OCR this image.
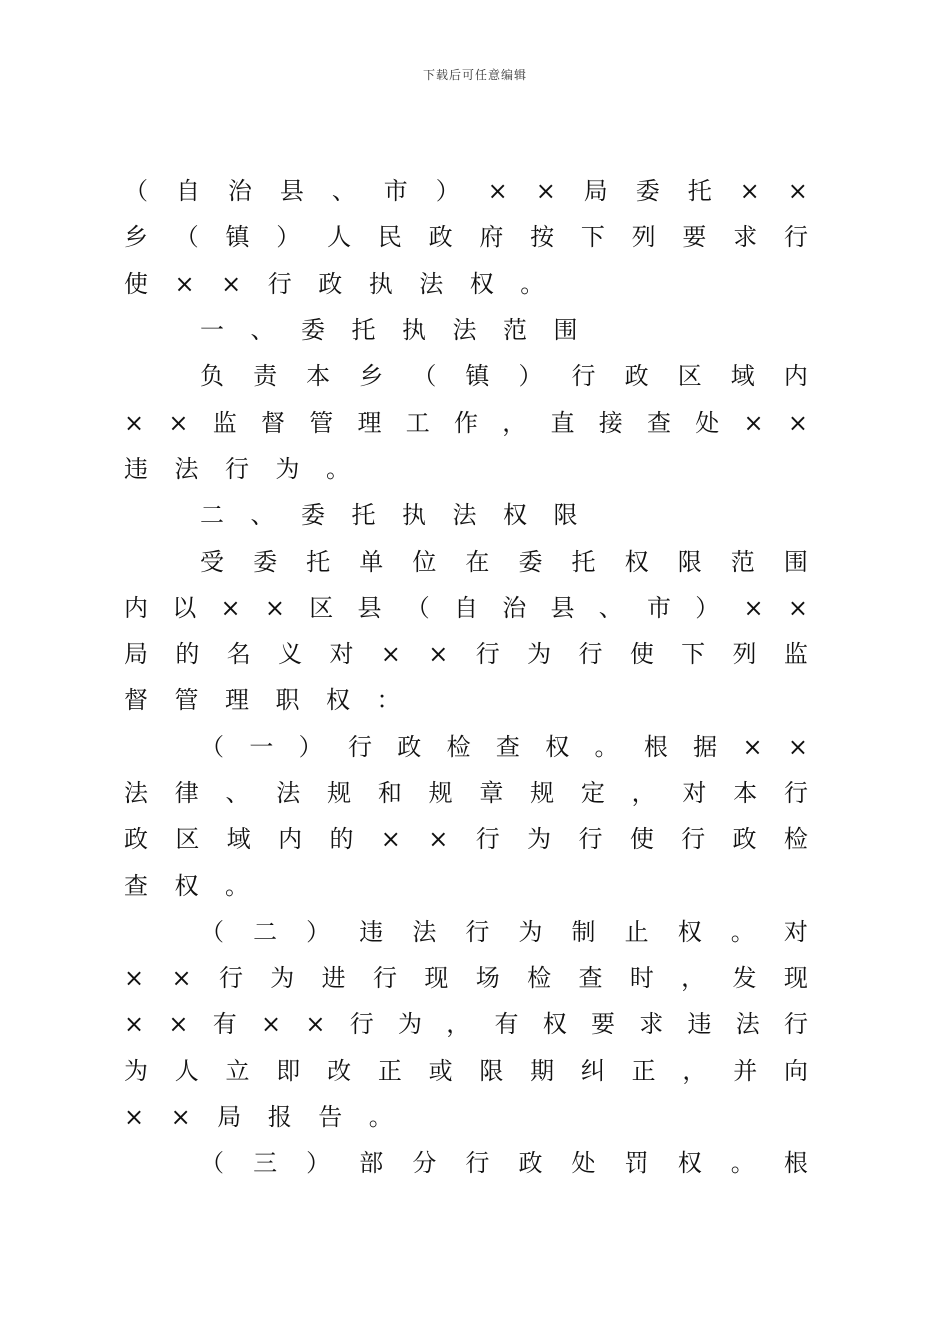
下载后可任意编辑
（ 自 治 县 、 市 ） × × 局 委 托 × ×
乡 （ 镇 ） 人 民 政 府 按 下 列 要 求 行
使 × × 行 政 执 法 权 。
一 、 委 托 执 法 范 围
负 责 本 乡 （ 镇 ） 行 政 区 域 内
× × 监 督 管 理 工 作 ， 直 接 查 处 × ×
违 法 行 为 。
二 、 委 托 执 法 权 限
受 委 托 单 位 在 委 托 权 限 范 围
内 以 × × 区 县 （ 自 治 县 、 市 ） × ×
局 的 名 义 对 × × 行 为 行 使 下 列 监
督 管 理 职 权 ：
（ 一 ） 行 政 检 查 权 。 根 据 × ×
法 律 、 法 规 和 规 章 规 定 ， 对 本 行
政 区 域 内 的 × × 行 为 行 使 行 政 检
查 权 。
（ 二 ） 违 法 行 为 制 止 权 。 对
× × 行 为 进 行 现 场 检 查 时 ， 发 现
× × 有 × × 行 为 ， 有 权 要 求 违 法 行
为 人 立 即 改 正 或 限 期 纠 正 ， 并 向
× × 局 报 告 。
（ 三 ） 部 分 行 政 处 罚 权 。 根
